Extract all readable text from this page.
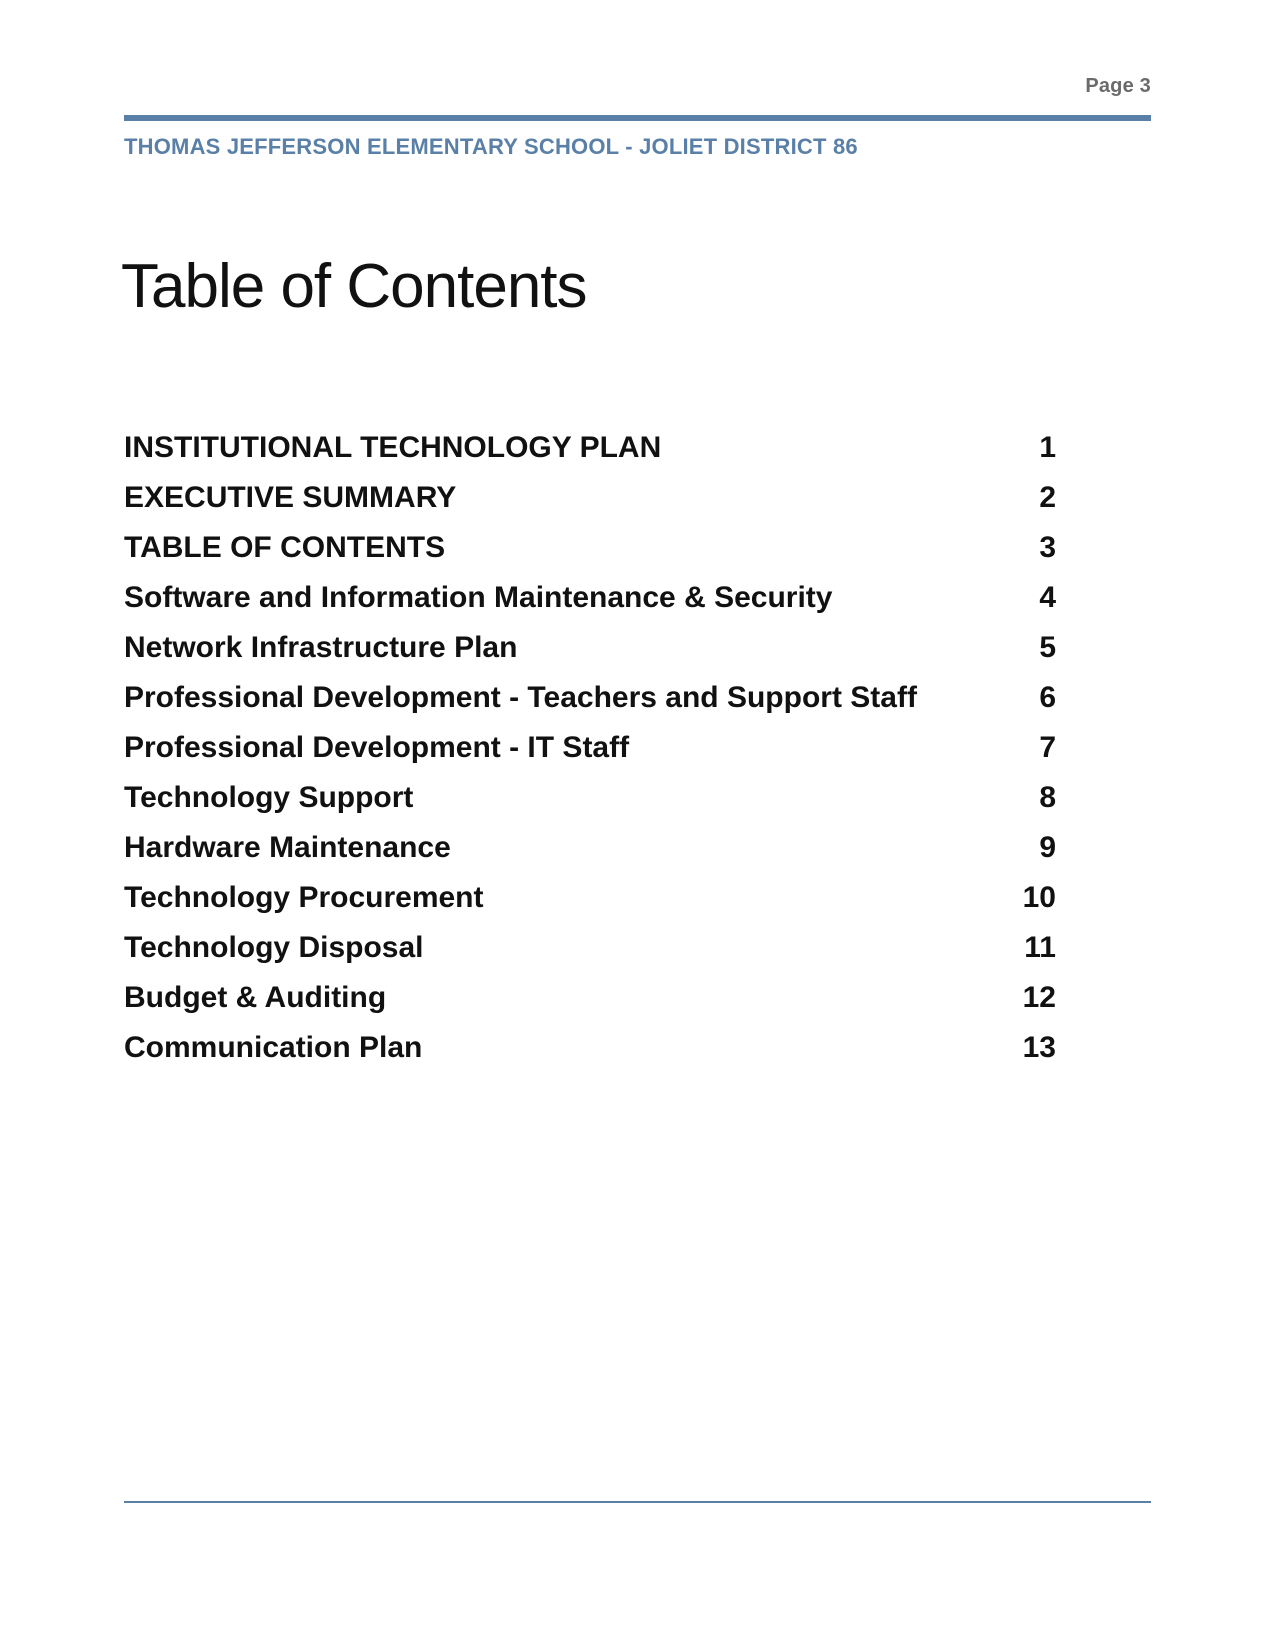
Page 3
THOMAS JEFFERSON ELEMENTARY SCHOOL - JOLIET DISTRICT 86
Table of Contents
INSTITUTIONAL TECHNOLOGY PLAN	1
EXECUTIVE SUMMARY	2
TABLE OF CONTENTS	3
Software and Information Maintenance & Security	4
Network Infrastructure Plan	5
Professional Development - Teachers and Support Staff	6
Professional Development - IT Staff	7
Technology Support	8
Hardware Maintenance	9
Technology Procurement	10
Technology Disposal	11
Budget & Auditing	12
Communication Plan	13
